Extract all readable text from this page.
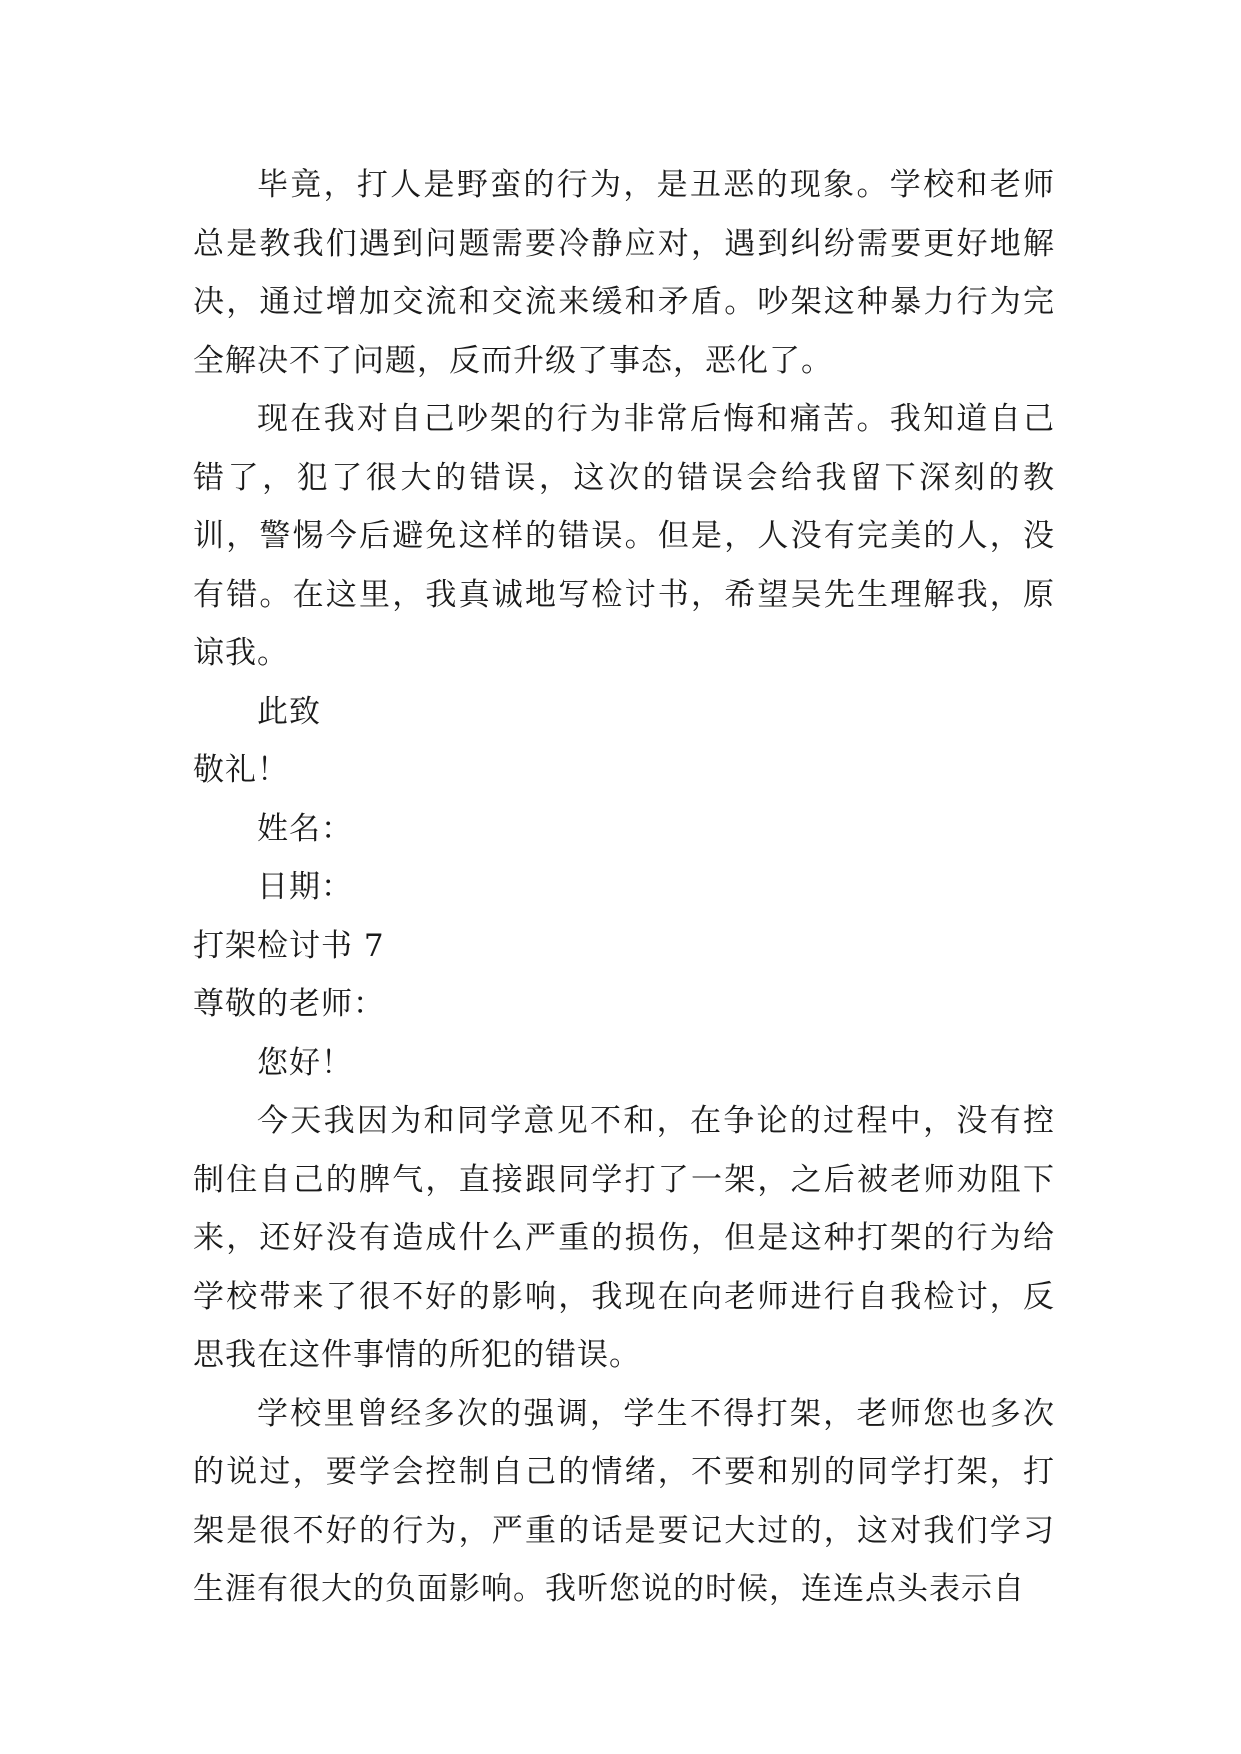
毕竟，打人是野蛮的行为，是丑恶的现象。学校和老师总是教我们遇到问题需要冷静应对，遇到纠纷需要更好地解决，通过增加交流和交流来缓和矛盾。吵架这种暴力行为完全解决不了问题，反而升级了事态，恶化了。

现在我对自己吵架的行为非常后悔和痛苦。我知道自己错了，犯了很大的错误，这次的错误会给我留下深刻的教训，警惕今后避免这样的错误。但是，人没有完美的人，没有错。在这里，我真诚地写检讨书，希望吴先生理解我，原谅我。

此致

敬礼！

姓名：

日期：

打架检讨书 7

尊敬的老师：

您好！

今天我因为和同学意见不和，在争论的过程中，没有控制住自己的脾气，直接跟同学打了一架，之后被老师劝阻下来，还好没有造成什么严重的损伤，但是这种打架的行为给学校带来了很不好的影响，我现在向老师进行自我检讨，反思我在这件事情的所犯的错误。

学校里曾经多次的强调，学生不得打架，老师您也多次的说过，要学会控制自己的情绪，不要和别的同学打架，打架是很不好的行为，严重的话是要记大过的，这对我们学习生涯有很大的负面影响。我听您说的时候，连连点头表示自
